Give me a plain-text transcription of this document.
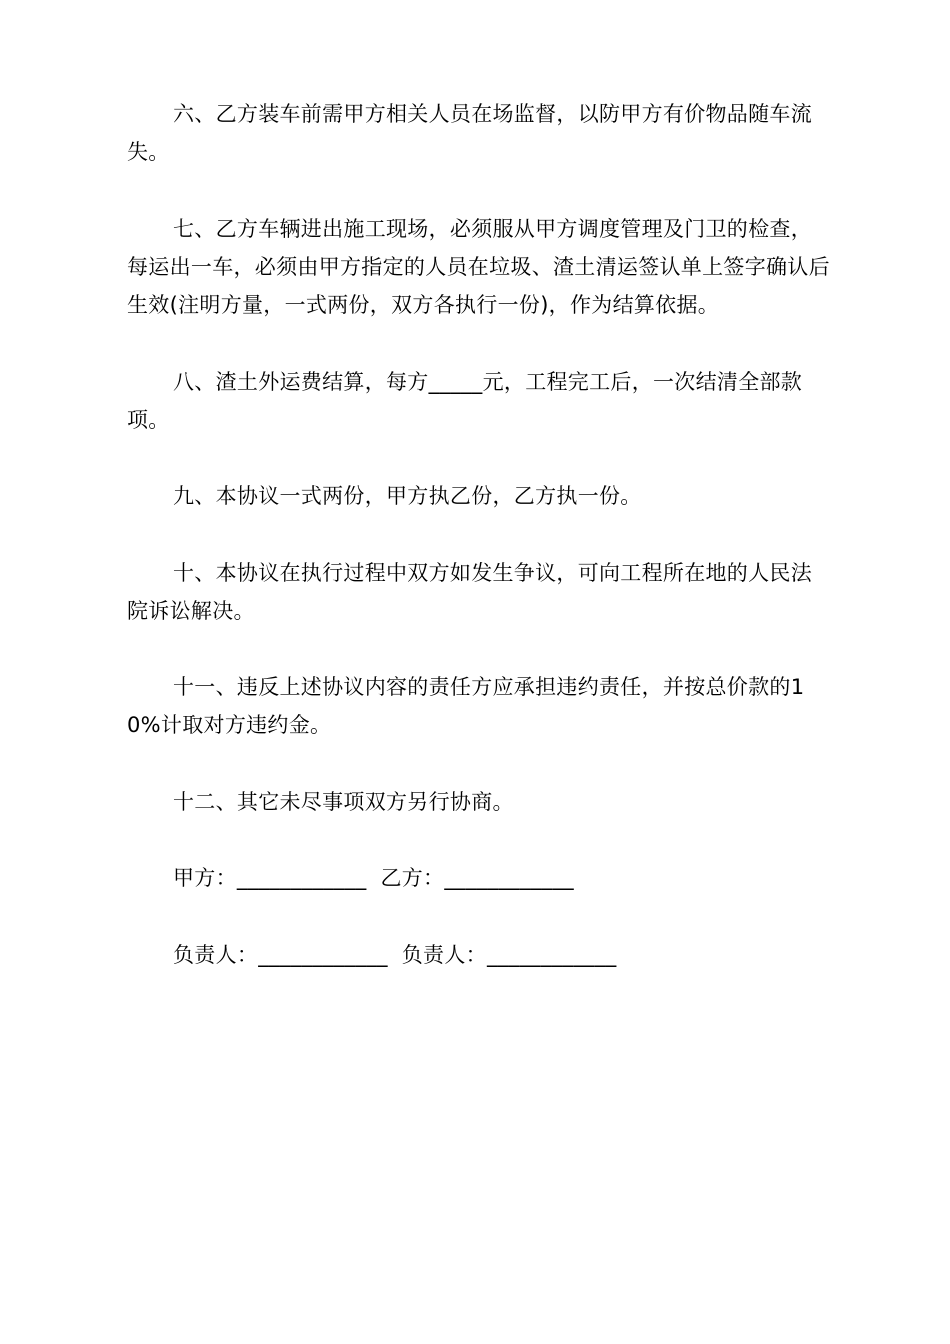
六、乙方装车前需甲方相关人员在场监督，以防甲方有价物品随车流失。

七、乙方车辆进出施工现场，必须服从甲方调度管理及门卫的检查，每运出一车，必须由甲方指定的人员在垃圾、渣土清运签认单上签字确认后生效(注明方量，一式两份，双方各执行一份)，作为结算依据。

八、渣土外运费结算，每方_____元，工程完工后，一次结清全部款项。

九、本协议一式两份，甲方执乙份，乙方执一份。

十、本协议在执行过程中双方如发生争议，可向工程所在地的人民法院诉讼解决。

十一、违反上述协议内容的责任方应承担违约责任，并按总价款的10%计取对方违约金。

十二、其它未尽事项双方另行协商。

甲方：____________  乙方：____________

负责人：____________  负责人：____________
